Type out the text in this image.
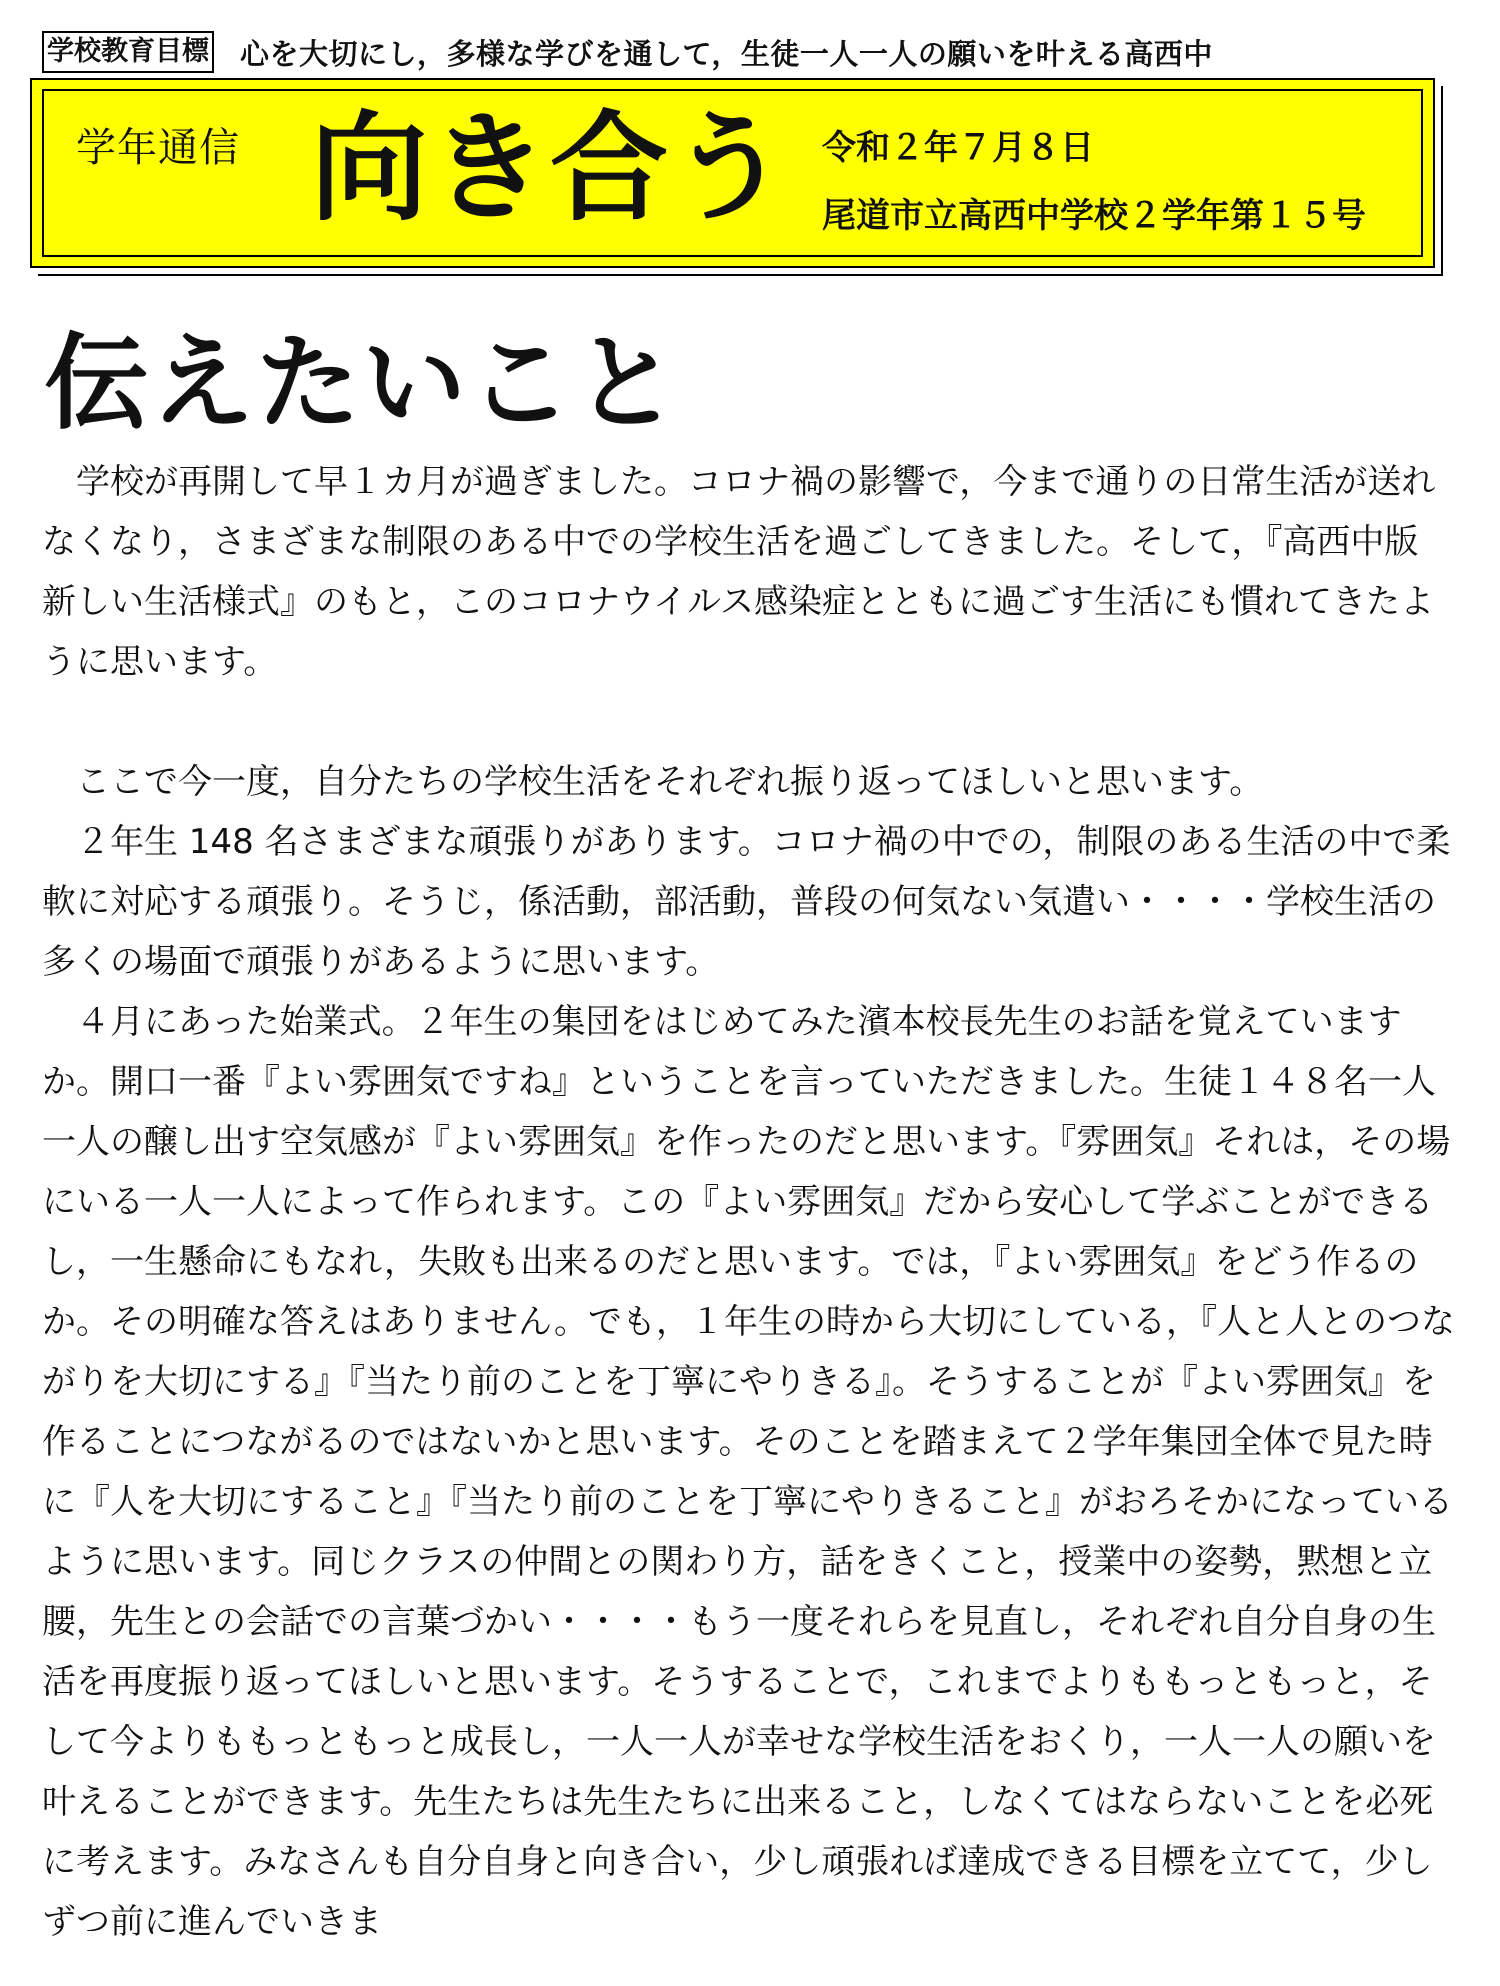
学校教育目標 心を大切にし，多様な学びを通して，生徒一人一人の願いを叶える高西中
学年通信 向き合う 令和２年７月８日
尾道市立高西中学校２学年第１５号
伝えたいこと

学校が再開して早１カ月が過ぎました。コロナ禍の影響で，今まで通りの日常生活が送れなくなり，さまざまな制限のある中での学校生活を過ごしてきました。そして，『高西中版　新しい生活様式』のもと，このコロナウイルス感染症とともに過ごす生活にも慣れてきたように思います。

ここで今一度，自分たちの学校生活をそれぞれ振り返ってほしいと思います。

２年生 148 名さまざまな頑張りがあります。コロナ禍の中での，制限のある生活の中で柔軟に対応する頑張り。そうじ，係活動，部活動，普段の何気ない気遣い・・・・学校生活の多くの場面で頑張りがあるように思います。

４月にあった始業式。２年生の集団をはじめてみた濱本校長先生のお話を覚えていますか。開口一番『よい雰囲気ですね』ということを言っていただきました。生徒１４８名一人一人の醸し出す空気感が『よい雰囲気』を作ったのだと思います。『雰囲気』それは，その場にいる一人一人によって作られます。この『よい雰囲気』だから安心して学ぶことができるし，一生懸命にもなれ，失敗も出来るのだと思います。では，『よい雰囲気』をどう作るのか。その明確な答えはありません。でも，１年生の時から大切にしている，『人と人とのつながりを大切にする』『当たり前のことを丁寧にやりきる』。そうすることが『よい雰囲気』を作ることにつながるのではないかと思います。そのことを踏まえて２学年集団全体で見た時に『人を大切にすること』『当たり前のことを丁寧にやりきること』がおろそかになっているように思います。同じクラスの仲間との関わり方，話をきくこと，授業中の姿勢，黙想と立腰，先生との会話での言葉づかい・・・・もう一度それらを見直し，それぞれ自分自身の生活を再度振り返ってほしいと思います。そうすることで，これまでよりももっともっと，そして今よりももっともっと成長し，一人一人が幸せな学校生活をおくり，一人一人の願いを叶えることができます。先生たちは先生たちに出来ること，しなくてはならないことを必死に考えます。みなさんも自分自身と向き合い，少し頑張れば達成できる目標を立てて，少しずつ前に進んでいきま
